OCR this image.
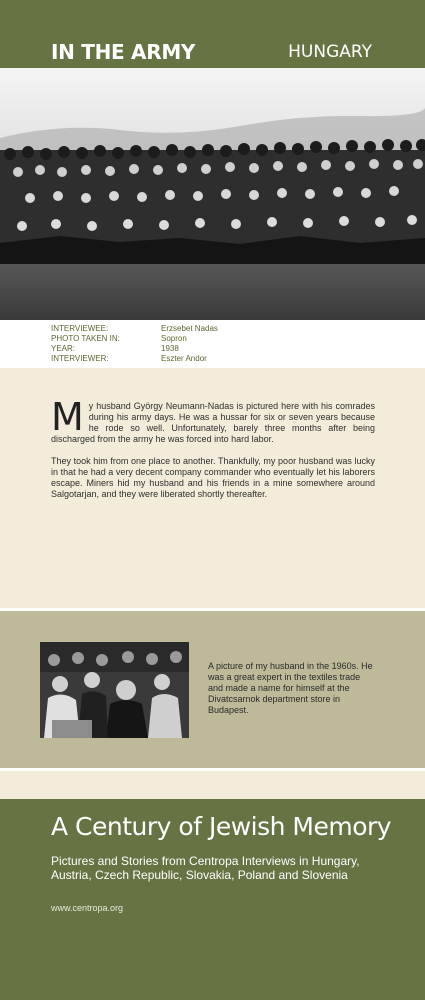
IN THE ARMY	HUNGARY
INTERVIEWEE:	Erzsebet Nadas
PHOTO TAKEN IN:	Sopron
YEAR:	1938
INTERVIEWER:	Eszter Andor

My husband György Neumann-Nadas is pictured here with his comrades during his army days. He was a hussar for six or seven years because he rode so well. Unfortunately, barely three months after being discharged from the army he was forced into hard labor.

They took him from one place to another. Thankfully, my poor husband was lucky in that he had a very decent company commander who eventually let his laborers escape. Miners hid my husband and his friends in a mine somewhere around Salgotarjan, and they were liberated shortly thereafter.

A picture of my husband in the 1960s. He was a great expert in the textiles trade and made a name for himself at the Divatcsarnok department store in Budapest.
A Century of Jewish Memory
Pictures and Stories from Centropa Interviews in Hungary, Austria, Czech Republic, Slovakia, Poland and Slovenia
www.centropa.org
